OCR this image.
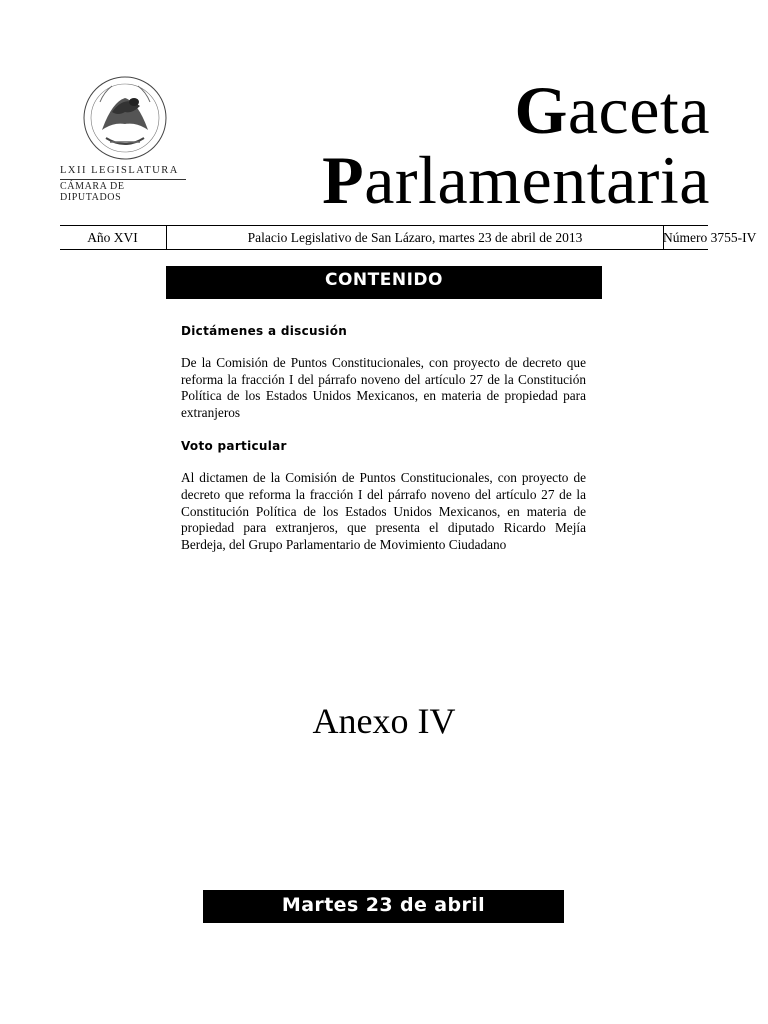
LXII LEGISLATURA
CÁMARA DE DIPUTADOS
Gaceta
Parlamentaria
Año XVI	Palacio Legislativo de San Lázaro, martes 23 de abril de 2013	Número 3755-IV
CONTENIDO
Dictámenes a discusión

De la Comisión de Puntos Constitucionales, con proyecto de decreto que reforma la fracción I del párrafo noveno del artículo 27 de la Constitución Política de los Estados Unidos Mexicanos, en materia de propiedad para extranjeros

Voto particular

Al dictamen de la Comisión de Puntos Constitucionales, con proyecto de decreto que reforma la fracción I del párrafo noveno del artículo 27 de la Constitución Política de los Estados Unidos Mexicanos, en materia de propiedad para extranjeros, que presenta el diputado Ricardo Mejía Berdeja, del Grupo Parlamentario de Movimiento Ciudadano

Anexo IV
Martes 23 de abril
